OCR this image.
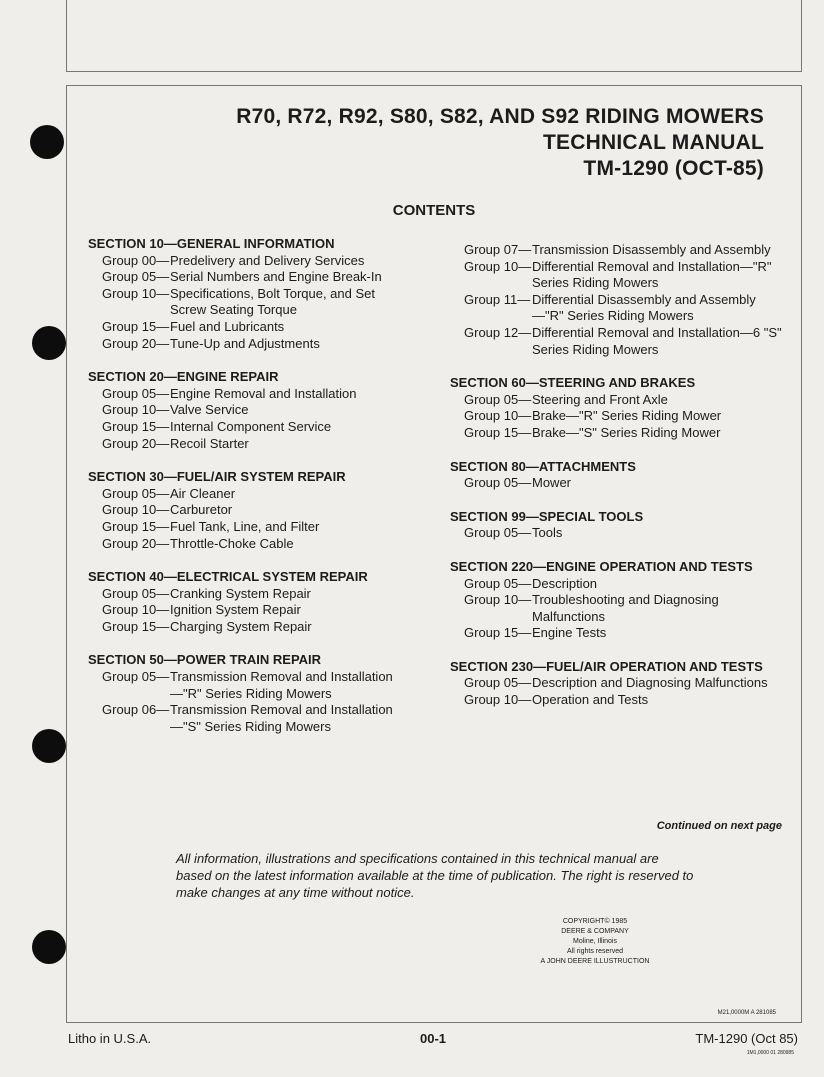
R70, R72, R92, S80, S82, AND S92 RIDING MOWERS
TECHNICAL MANUAL
TM-1290 (OCT-85)
CONTENTS
SECTION 10—GENERAL INFORMATION
Group 00— Predelivery and Delivery Services
Group 05— Serial Numbers and Engine Break-In
Group 10— Specifications, Bolt Torque, and Set Screw Seating Torque
Group 15— Fuel and Lubricants
Group 20— Tune-Up and Adjustments
SECTION 20—ENGINE REPAIR
Group 05— Engine Removal and Installation
Group 10— Valve Service
Group 15— Internal Component Service
Group 20— Recoil Starter
SECTION 30—FUEL/AIR SYSTEM REPAIR
Group 05— Air Cleaner
Group 10— Carburetor
Group 15— Fuel Tank, Line, and Filter
Group 20— Throttle-Choke Cable
SECTION 40—ELECTRICAL SYSTEM REPAIR
Group 05— Cranking System Repair
Group 10— Ignition System Repair
Group 15— Charging System Repair
SECTION 50—POWER TRAIN REPAIR
Group 05— Transmission Removal and Installation—"R" Series Riding Mowers
Group 06— Transmission Removal and Installation—"S" Series Riding Mowers
Group 07— Transmission Disassembly and Assembly
Group 10— Differential Removal and Installation—"R" Series Riding Mowers
Group 11— Differential Disassembly and Assembly—"R" Series Riding Mowers
Group 12— Differential Removal and Installation—6 "S" Series Riding Mowers
SECTION 60—STEERING AND BRAKES
Group 05— Steering and Front Axle
Group 10— Brake—"R" Series Riding Mower
Group 15— Brake—"S" Series Riding Mower
SECTION 80—ATTACHMENTS
Group 05— Mower
SECTION 99—SPECIAL TOOLS
Group 05— Tools
SECTION 220—ENGINE OPERATION AND TESTS
Group 05— Description
Group 10— Troubleshooting and Diagnosing Malfunctions
Group 15— Engine Tests
SECTION 230—FUEL/AIR OPERATION AND TESTS
Group 05— Description and Diagnosing Malfunctions
Group 10— Operation and Tests
Continued on next page
All information, illustrations and specifications contained in this technical manual are based on the latest information available at the time of publication. The right is reserved to make changes at any time without notice.
COPYRIGHT© 1985
DEERE & COMPANY
Moline, Illinois
All rights reserved
A JOHN DEERE ILLUSTRUCTION
M21,0000M A 281085
Litho in U.S.A.	00-1	TM-1290 (Oct 85)
1M1,0000 01 280985
